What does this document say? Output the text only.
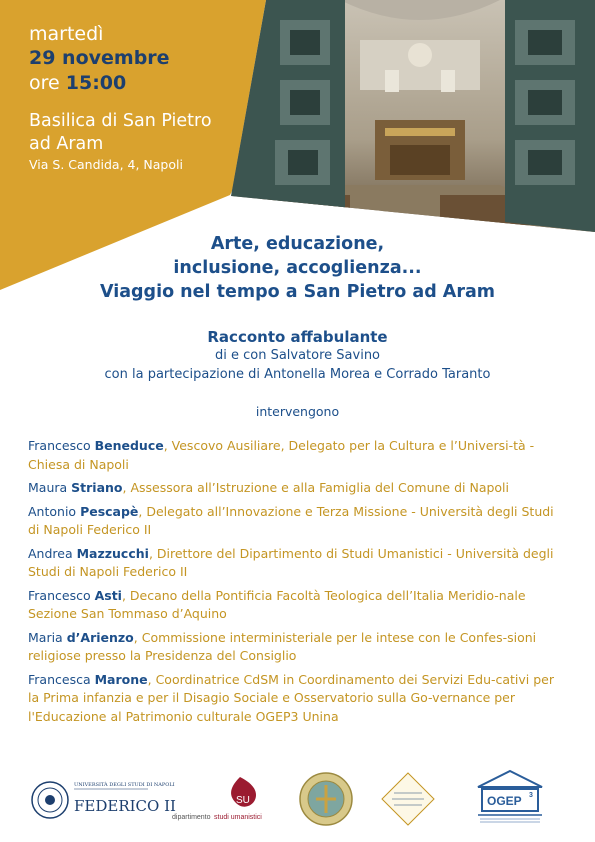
martedì
29 novembre
ore 15:00
Basilica di San Pietro
ad Aram
Via S. Candida, 4, Napoli
Arte, educazione,
inclusione, accoglienza...
Viaggio nel tempo a San Pietro ad Aram
Racconto affabulante
di e con Salvatore Savino
con la partecipazione di Antonella Morea e Corrado Taranto
intervengono
Francesco Beneduce, Vescovo Ausiliare, Delegato per la Cultura e l’Universi-tà - Chiesa di Napoli
Maura Striano, Assessora all’Istruzione e alla Famiglia del Comune di Napoli
Antonio Pescapè, Delegato all’Innovazione e Terza Missione - Università degli Studi di Napoli Federico II
Andrea Mazzucchi, Direttore del Dipartimento di Studi Umanistici - Università degli Studi di Napoli Federico II
Francesco Asti, Decano della Pontificia Facoltà Teologica dell’Italia Meridio-nale Sezione San Tommaso d’Aquino
Maria d’Arienzo, Commissione interministeriale per le intese con le Confes-sioni religiose presso la Presidenza del Consiglio
Francesca Marone, Coordinatrice CdSM in Coordinamento dei Servizi Edu-cativi per la Prima infanzia e per il Disagio Sociale e Osservatorio sulla Go-vernance per l'Educazione al Patrimonio culturale OGEP3 Unina
UNIVERSITÀ DEGLI STUDI DI NAPOLI
FEDERICO II	SU
dipartimento studi umanistici
OGEP 3
